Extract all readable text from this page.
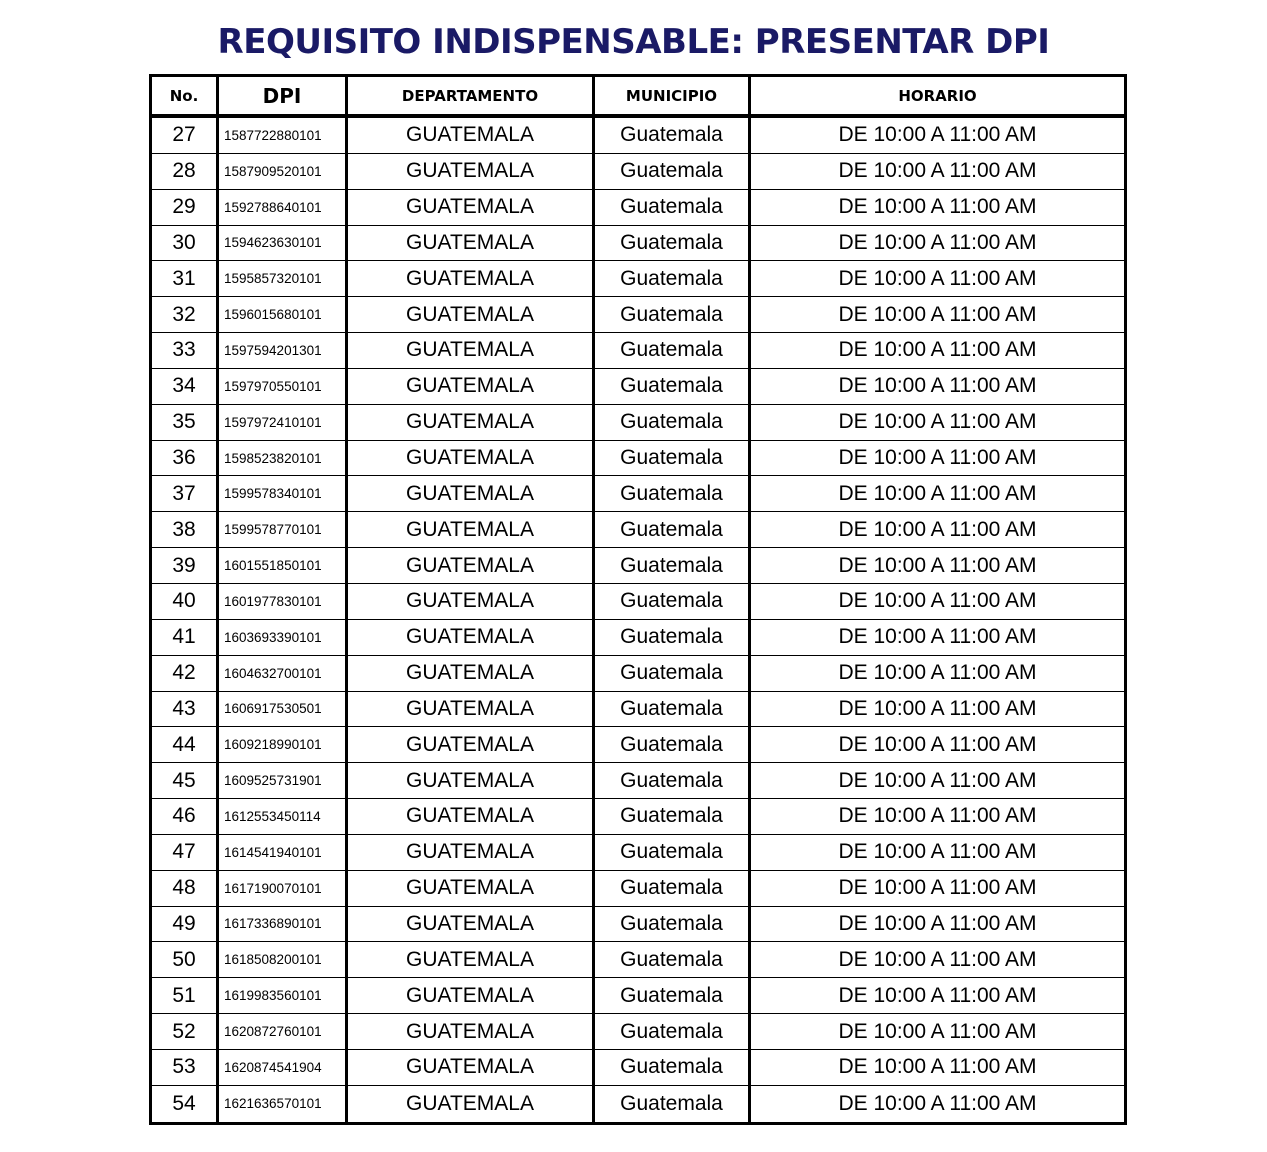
REQUISITO INDISPENSABLE: PRESENTAR DPI
No.	DPI	DEPARTAMENTO	MUNICIPIO	HORARIO
27	1587722880101	GUATEMALA	Guatemala	DE 10:00 A 11:00 AM
28	1587909520101	GUATEMALA	Guatemala	DE 10:00 A 11:00 AM
29	1592788640101	GUATEMALA	Guatemala	DE 10:00 A 11:00 AM
30	1594623630101	GUATEMALA	Guatemala	DE 10:00 A 11:00 AM
31	1595857320101	GUATEMALA	Guatemala	DE 10:00 A 11:00 AM
32	1596015680101	GUATEMALA	Guatemala	DE 10:00 A 11:00 AM
33	1597594201301	GUATEMALA	Guatemala	DE 10:00 A 11:00 AM
34	1597970550101	GUATEMALA	Guatemala	DE 10:00 A 11:00 AM
35	1597972410101	GUATEMALA	Guatemala	DE 10:00 A 11:00 AM
36	1598523820101	GUATEMALA	Guatemala	DE 10:00 A 11:00 AM
37	1599578340101	GUATEMALA	Guatemala	DE 10:00 A 11:00 AM
38	1599578770101	GUATEMALA	Guatemala	DE 10:00 A 11:00 AM
39	1601551850101	GUATEMALA	Guatemala	DE 10:00 A 11:00 AM
40	1601977830101	GUATEMALA	Guatemala	DE 10:00 A 11:00 AM
41	1603693390101	GUATEMALA	Guatemala	DE 10:00 A 11:00 AM
42	1604632700101	GUATEMALA	Guatemala	DE 10:00 A 11:00 AM
43	1606917530501	GUATEMALA	Guatemala	DE 10:00 A 11:00 AM
44	1609218990101	GUATEMALA	Guatemala	DE 10:00 A 11:00 AM
45	1609525731901	GUATEMALA	Guatemala	DE 10:00 A 11:00 AM
46	1612553450114	GUATEMALA	Guatemala	DE 10:00 A 11:00 AM
47	1614541940101	GUATEMALA	Guatemala	DE 10:00 A 11:00 AM
48	1617190070101	GUATEMALA	Guatemala	DE 10:00 A 11:00 AM
49	1617336890101	GUATEMALA	Guatemala	DE 10:00 A 11:00 AM
50	1618508200101	GUATEMALA	Guatemala	DE 10:00 A 11:00 AM
51	1619983560101	GUATEMALA	Guatemala	DE 10:00 A 11:00 AM
52	1620872760101	GUATEMALA	Guatemala	DE 10:00 A 11:00 AM
53	1620874541904	GUATEMALA	Guatemala	DE 10:00 A 11:00 AM
54	1621636570101	GUATEMALA	Guatemala	DE 10:00 A 11:00 AM
